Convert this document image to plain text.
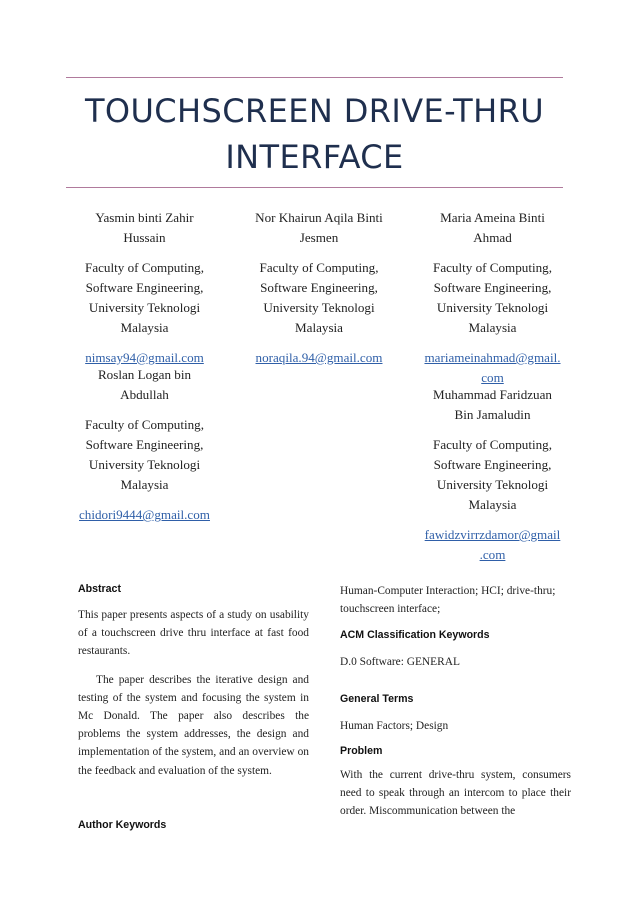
TOUCHSCREEN DRIVE-THRU
INTERFACE
Yasmin binti Zahir
Hussain
Faculty of Computing,
Software Engineering,
University Teknologi
Malaysia
nimsay94@gmail.com
Nor Khairun Aqila Binti
Jesmen
Faculty of Computing,
Software Engineering,
University Teknologi
Malaysia
noraqila.94@gmail.com
Maria Ameina Binti
Ahmad
Faculty of Computing,
Software Engineering,
University Teknologi
Malaysia
mariameinahmad@gmail.
com
Roslan Logan bin
Abdullah
Faculty of Computing,
Software Engineering,
University Teknologi
Malaysia
chidori9444@gmail.com
Muhammad Faridzuan
Bin Jamaludin
Faculty of Computing,
Software Engineering,
University Teknologi
Malaysia
fawidzvirrzdamor@gmail
.com
Abstract

This paper presents aspects of a study on usability of a touchscreen drive thru interface at fast food restaurants.

The paper describes the iterative design and testing of the system and focusing the system in Mc Donald. The paper also describes the problems the system addresses, the design and implementation of the system, and an overview on the feedback and evaluation of the system.

Author Keywords

Human-Computer Interaction; HCI; drive-thru; touchscreen interface;

ACM Classification Keywords

D.0 Software: GENERAL

General Terms

Human Factors; Design

Problem

With the current drive-thru system, consumers need to speak through an intercom to place their order. Miscommunication between the
